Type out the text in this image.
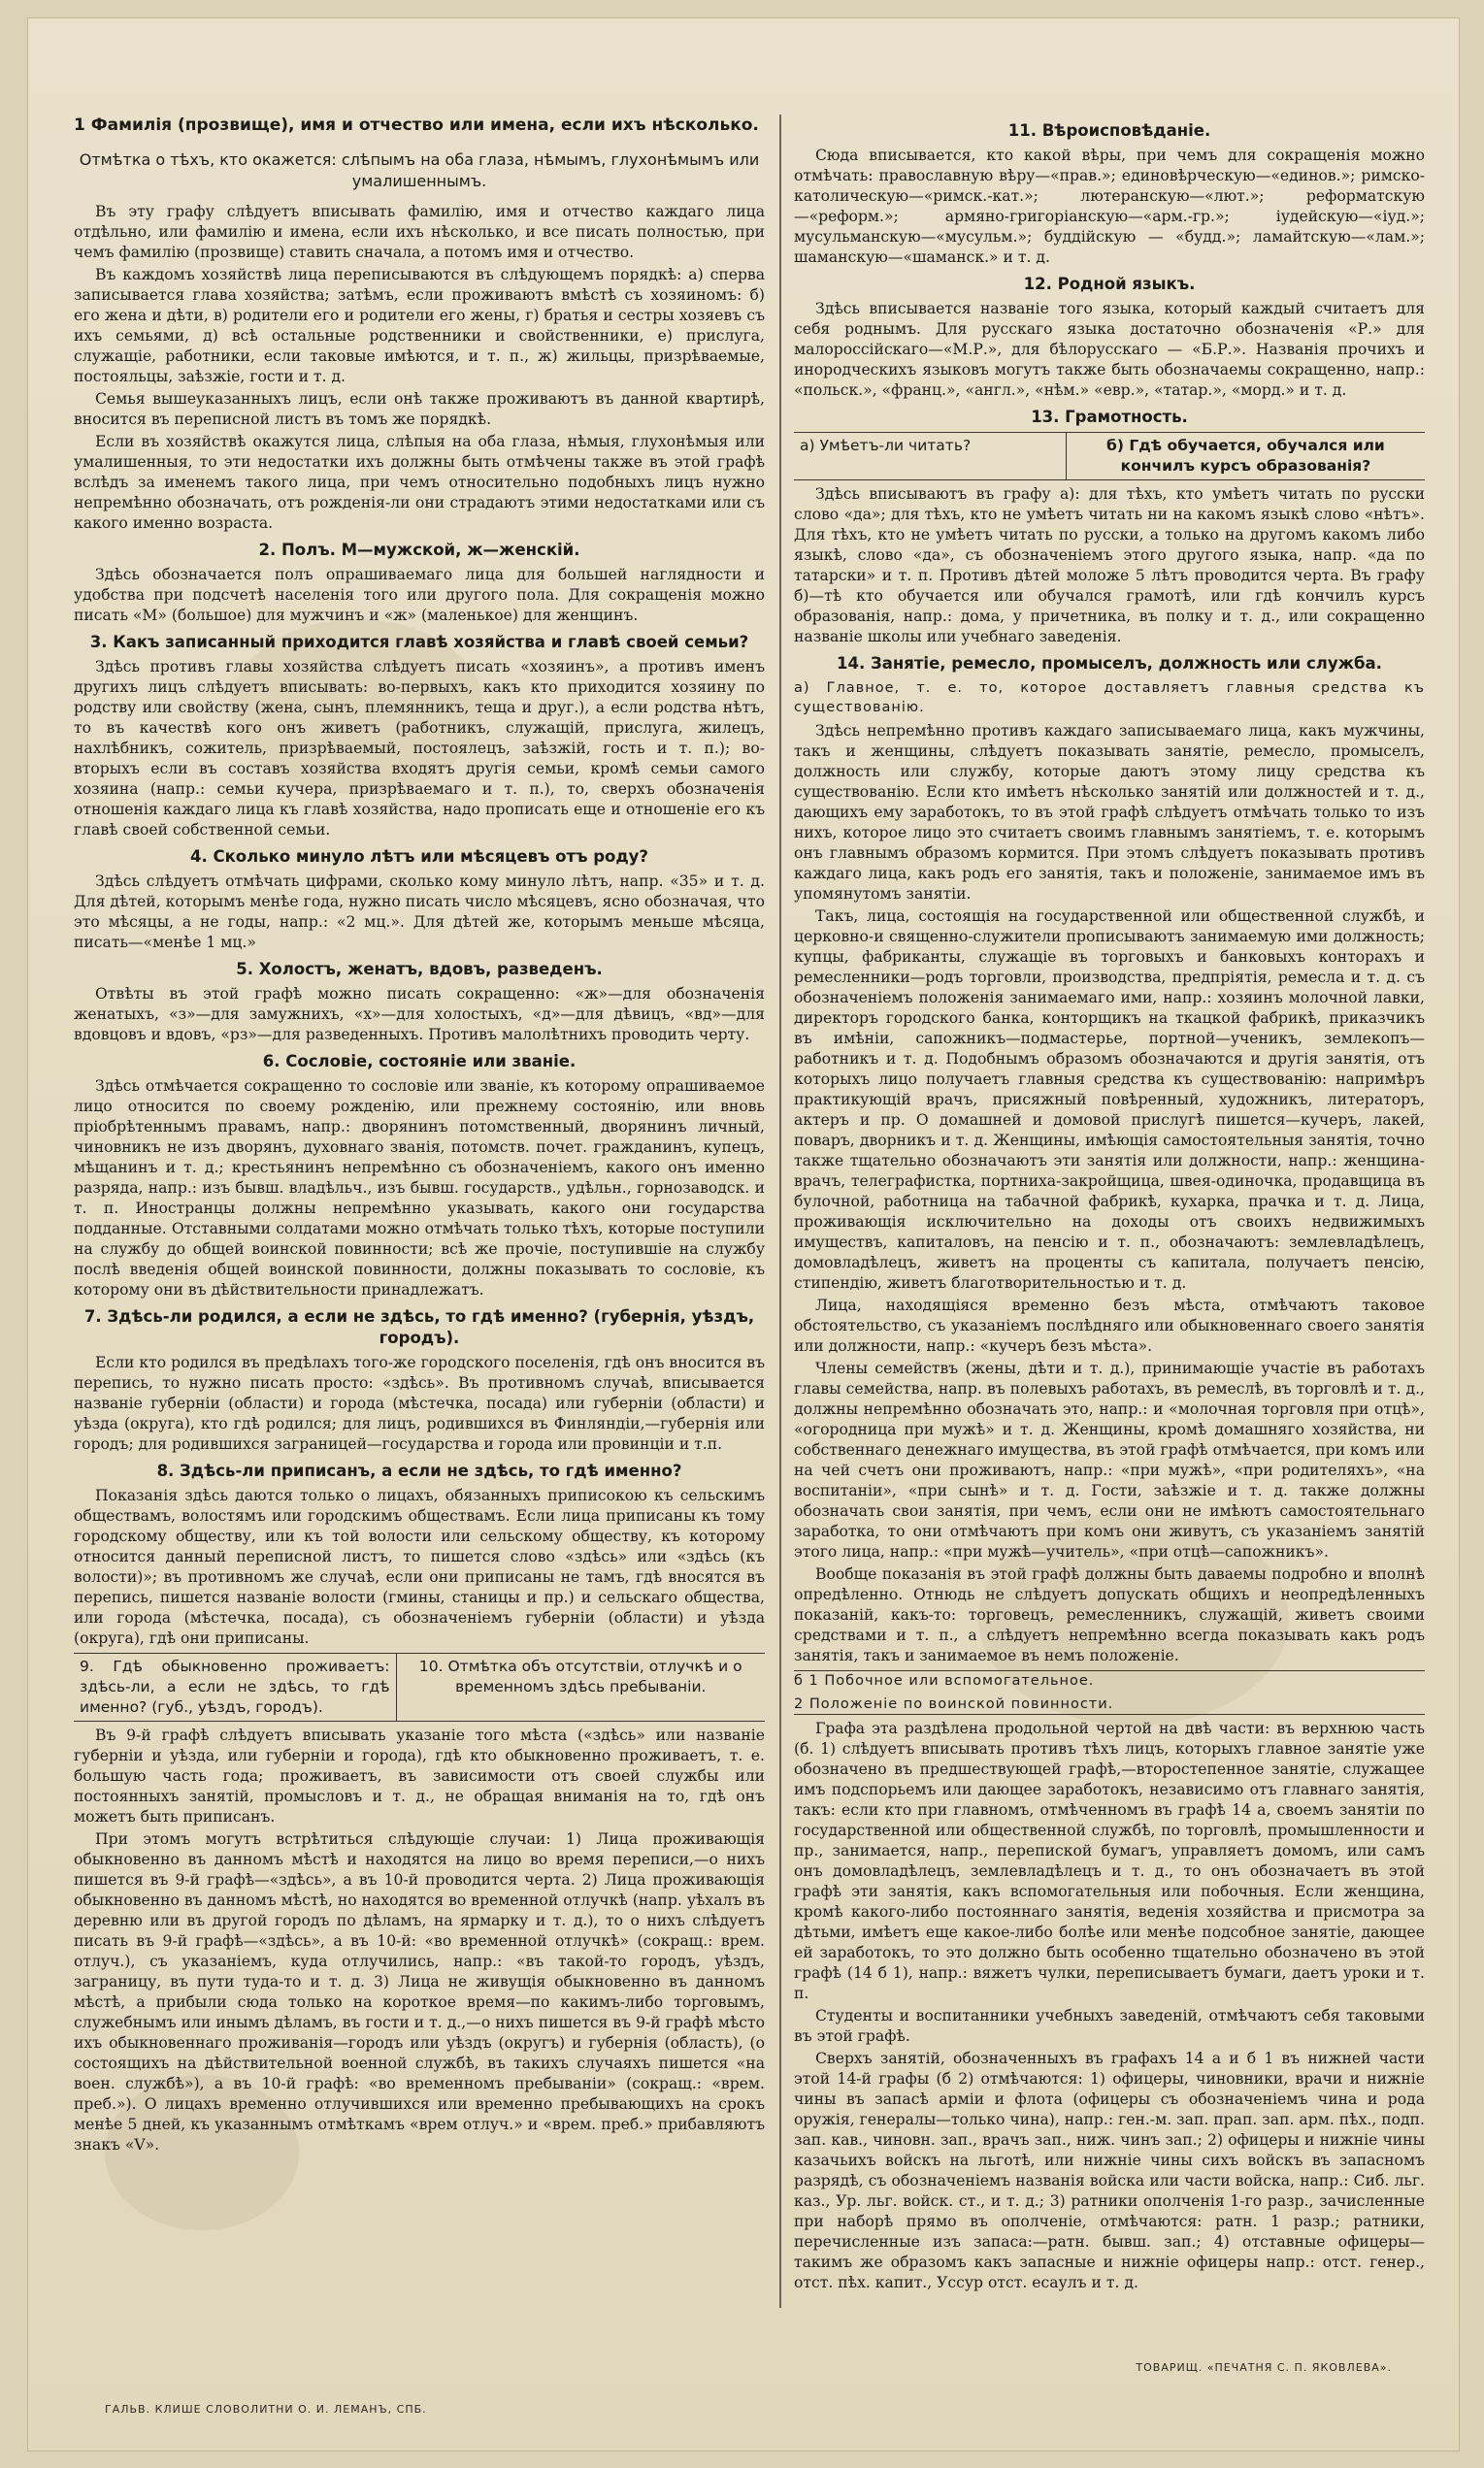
1 Фамилія (прозвище), имя и отчество или имена, если ихъ нѣсколько.
Отмѣтка о тѣхъ, кто окажется: слѣпымъ на оба глаза, нѣмымъ, глухонѣмымъ или умалишеннымъ.

Въ эту графу слѣдуетъ вписывать фамилію, имя и отчество каждаго лица отдѣльно, или фамилію и имена, если ихъ нѣсколько, и все писать полностью, при чемъ фамилію (прозвище) ставить сначала, а потомъ имя и отчество.

Въ каждомъ хозяйствѣ лица переписываются въ слѣдующемъ порядкѣ: а) сперва записывается глава хозяйства; затѣмъ, если проживаютъ вмѣстѣ съ хозяиномъ: б) его жена и дѣти, в) родители его и родители его жены, г) братья и сестры хозяевъ съ ихъ семьями, д) всѣ остальные родственники и свойственники, е) прислуга, служащіе, работники, если таковые имѣются, и т. п., ж) жильцы, призрѣваемые, постояльцы, заѣзжіе, гости и т. д.

Семья вышеуказанныхъ лицъ, если онѣ также проживаютъ въ данной квартирѣ, вносится въ переписной листъ въ томъ же порядкѣ.

Если въ хозяйствѣ окажутся лица, слѣпыя на оба глаза, нѣмыя, глухонѣмыя или умалишенныя, то эти недостатки ихъ должны быть отмѣчены также въ этой графѣ вслѣдъ за именемъ такого лица, при чемъ относительно подобныхъ лицъ нужно непремѣнно обозначать, отъ рожденія-ли они страдаютъ этими недостатками или съ какого именно возраста.

2. Полъ. М—мужской, ж—женскій.

Здѣсь обозначается полъ опрашиваемаго лица для большей наглядности и удобства при подсчетѣ населенія того или другого пола. Для сокращенія можно писать «М» (большое) для мужчинъ и «ж» (маленькое) для женщинъ.

3. Какъ записанный приходится главѣ хозяйства и главѣ своей семьи?

Здѣсь противъ главы хозяйства слѣдуетъ писать «хозяинъ», а противъ именъ другихъ лицъ слѣдуетъ вписывать: во-первыхъ, какъ кто приходится хозяину по родству или свойству (жена, сынъ, племянникъ, теща и друг.), а если родства нѣтъ, то въ качествѣ кого онъ живетъ (работникъ, служащій, прислуга, жилецъ, нахлѣбникъ, сожитель, призрѣваемый, постоялецъ, заѣзжій, гость и т. п.); во-вторыхъ если въ составъ хозяйства входятъ другія семьи, кромѣ семьи самого хозяина (напр.: семьи кучера, призрѣваемаго и т. п.), то, сверхъ обозначенія отношенія каждаго лица къ главѣ хозяйства, надо прописать еще и отношеніе его къ главѣ своей собственной семьи.

4. Сколько минуло лѣтъ или мѣсяцевъ отъ роду?

Здѣсь слѣдуетъ отмѣчать цифрами, сколько кому минуло лѣтъ, напр. «35» и т. д. Для дѣтей, которымъ менѣе года, нужно писать число мѣсяцевъ, ясно обозначая, что это мѣсяцы, а не годы, напр.: «2 мц.». Для дѣтей же, которымъ меньше мѣсяца, писать—«менѣе 1 мц.»

5. Холостъ, женатъ, вдовъ, разведенъ.

Отвѣты въ этой графѣ можно писать сокращенно: «ж»—для обозначенія женатыхъ, «з»—для замужнихъ, «х»—для холостыхъ, «д»—для дѣвицъ, «вд»—для вдовцовъ и вдовъ, «рз»—для разведенныхъ. Противъ малолѣтнихъ проводить черту.

6. Сословіе, состояніе или званіе.

Здѣсь отмѣчается сокращенно то сословіе или званіе, къ которому опрашиваемое лицо относится по своему рожденію, или прежнему состоянію, или вновь пріобрѣтеннымъ правамъ, напр.: дворянинъ потомственный, дворянинъ личный, чиновникъ не изъ дворянъ, духовнаго званія, потомств. почет. гражданинъ, купецъ, мѣщанинъ и т. д.; крестьянинъ непремѣнно съ обозначеніемъ, какого онъ именно разряда, напр.: изъ бывш. владѣльч., изъ бывш. государств., удѣльн., горнозаводск. и т. п. Иностранцы должны непремѣнно указывать, какого они государства подданные. Отставными солдатами можно отмѣчать только тѣхъ, которые поступили на службу до общей воинской повинности; всѣ же прочіе, поступившіе на службу послѣ введенія общей воинской повинности, должны показывать то сословіе, къ которому они въ дѣйствительности принадлежатъ.

7. Здѣсь-ли родился, а если не здѣсь, то гдѣ именно? (губернія, уѣздъ, городъ).

Если кто родился въ предѣлахъ того-же городского поселенія, гдѣ онъ вносится въ перепись, то нужно писать просто: «здѣсь». Въ противномъ случаѣ, вписывается названіе губерніи (области) и города (мѣстечка, посада) или губерніи (области) и уѣзда (округа), кто гдѣ родился; для лицъ, родившихся въ Финляндіи,—губернія или городъ; для родившихся заграницей—государства и города или провинціи и т.п.

8. Здѣсь-ли приписанъ, а если не здѣсь, то гдѣ именно?

Показанія здѣсь даются только о лицахъ, обязанныхъ приписокою къ сельскимъ обществамъ, волостямъ или городскимъ обществамъ. Если лица приписаны къ тому городскому обществу, или къ той волости или сельскому обществу, къ которому относится данный переписной листъ, то пишется слово «здѣсь» или «здѣсь (къ волости)»; въ противномъ же случаѣ, если они приписаны не тамъ, гдѣ вносятся въ перепись, пишется названіе волости (гмины, станицы и пр.) и сельскаго общества, или города (мѣстечка, посада), съ обозначеніемъ губерніи (области) и уѣзда (округа), гдѣ они приписаны.

9. Гдѣ обыкновенно проживаетъ: здѣсь-ли, а если не здѣсь, то гдѣ именно? (губ., уѣздъ, городъ).
10. Отмѣтка объ отсутствіи, отлучкѣ и о временномъ здѣсь пребываніи.

Въ 9-й графѣ слѣдуетъ вписывать указаніе того мѣста («здѣсь» или названіе губерніи и уѣзда, или губерніи и города), гдѣ кто обыкновенно проживаетъ, т. е. большую часть года; проживаетъ, въ зависимости отъ своей службы или постоянныхъ занятій, промысловъ и т. д., не обращая вниманія на то, гдѣ онъ можетъ быть приписанъ.

При этомъ могутъ встрѣтиться слѣдующіе случаи: 1) Лица проживающія обыкновенно въ данномъ мѣстѣ и находятся на лицо во время переписи,—о нихъ пишется въ 9-й графѣ—«здѣсь», а въ 10-й проводится черта. 2) Лица проживающія обыкновенно въ данномъ мѣстѣ, но находятся во временной отлучкѣ (напр. уѣхалъ въ деревню или въ другой городъ по дѣламъ, на ярмарку и т. д.), то о нихъ слѣдуетъ писать въ 9-й графѣ—«здѣсь», а въ 10-й: «во временной отлучкѣ» (сокращ.: врем. отлуч.), съ указаніемъ, куда отлучились, напр.: «въ такой-то городъ, уѣздъ, заграницу, въ пути туда-то и т. д. 3) Лица не живущія обыкновенно въ данномъ мѣстѣ, а прибыли сюда только на короткое время—по какимъ-либо торговымъ, служебнымъ или инымъ дѣламъ, въ гости и т. д.,—о нихъ пишется въ 9-й графѣ мѣсто ихъ обыкновеннаго проживанія—городъ или уѣздъ (округъ) и губернія (область), (о состоящихъ на дѣйствительной военной службѣ, въ такихъ случаяхъ пишется «на воен. службѣ»), а въ 10-й графѣ: «во временномъ пребываніи» (сокращ.: «врем. преб.»). О лицахъ временно отлучившихся или временно пребывающихъ на срокъ менѣе 5 дней, къ указаннымъ отмѣткамъ «врем отлуч.» и «врем. преб.» прибавляютъ знакъ «V».

11. Вѣроисповѣданіе.

Сюда вписывается, кто какой вѣры, при чемъ для сокращенія можно отмѣчать: православную вѣру—«прав.»; единовѣрческую—«единов.»; римско-католическую—«римск.-кат.»; лютеранскую—«лют.»; реформатскую—«реформ.»; армяно-григоріанскую—«арм.-гр.»; іудейскую—«іуд.»; мусульманскую—«мусульм.»; буддійскую — «будд.»; ламайтскую—«лам.»; шаманскую—«шаманск.» и т. д.

12. Родной языкъ.

Здѣсь вписывается названіе того языка, который каждый считаетъ для себя роднымъ. Для русскаго языка достаточно обозначенія «Р.» для малороссійскаго—«М.Р.», для бѣлорусскаго — «Б.Р.». Названія прочихъ и инородческихъ языковъ могутъ также быть обозначаемы сокращенно, напр.: «польск.», «франц.», «англ.», «нѣм.» «евр.», «татар.», «морд.» и т. д.

13. Грамотность.
а) Умѣетъ-ли читать?	б) Гдѣ обучается, обучался или кончилъ курсъ образованія?

Здѣсь вписываютъ въ графу а): для тѣхъ, кто умѣетъ читать по русски слово «да»; для тѣхъ, кто не умѣетъ читать ни на какомъ языкѣ слово «нѣтъ». Для тѣхъ, кто не умѣетъ читать по русски, а только на другомъ какомъ либо языкѣ, слово «да», съ обозначеніемъ этого другого языка, напр. «да по татарски» и т. п. Противъ дѣтей моложе 5 лѣтъ проводится черта. Въ графу б)—тѣ кто обучается или обучался грамотѣ, или гдѣ кончилъ курсъ образованія, напр.: дома, у причетника, въ полку и т. д., или сокращенно названіе школы или учебнаго заведенія.

14. Занятіе, ремесло, промыселъ, должность или служба.
а) Главное, т. е. то, которое доставляетъ главныя средства къ существованію.

Здѣсь непремѣнно противъ каждаго записываемаго лица, какъ мужчины, такъ и женщины, слѣдуетъ показывать занятіе, ремесло, промыселъ, должность или службу, которые даютъ этому лицу средства къ существованію. Если кто имѣетъ нѣсколько занятій или должностей и т. д., дающихъ ему заработокъ, то въ этой графѣ слѣдуетъ отмѣчать только то изъ нихъ, которое лицо это считаетъ своимъ главнымъ занятіемъ, т. е. которымъ онъ главнымъ образомъ кормится. При этомъ слѣдуетъ показывать противъ каждаго лица, какъ родъ его занятія, такъ и положеніе, занимаемое имъ въ упомянутомъ занятіи.

Такъ, лица, состоящія на государственной или общественной службѣ, и церковно-и священно-служители прописываютъ занимаемую ими должность; купцы, фабриканты, служащіе въ торговыхъ и банковыхъ конторахъ и ремесленники—родъ торговли, производства, предпріятія, ремесла и т. д. съ обозначеніемъ положенія занимаемаго ими, напр.: хозяинъ молочной лавки, директоръ городского банка, конторщикъ на ткацкой фабрикѣ, приказчикъ въ имѣніи, сапожникъ—подмастерье, портной—ученикъ, землекопъ—работникъ и т. д. Подобнымъ образомъ обозначаются и другія занятія, отъ которыхъ лицо получаетъ главныя средства къ существованію: напримѣръ практикующій врачъ, присяжный повѣренный, художникъ, литераторъ, актеръ и пр. О домашней и домовой прислугѣ пишется—кучеръ, лакей, поваръ, дворникъ и т. д. Женщины, имѣющія самостоятельныя занятія, точно также тщательно обозначаютъ эти занятія или должности, напр.: женщина-врачъ, телеграфистка, портниха-закройщица, швея-одиночка, продавщица въ булочной, работница на табачной фабрикѣ, кухарка, прачка и т. д. Лица, проживающія исключительно на доходы отъ своихъ недвижимыхъ имуществъ, капиталовъ, на пенсію и т. п., обозначаютъ: землевладѣлецъ, домовладѣлецъ, живетъ на проценты съ капитала, получаетъ пенсію, стипендію, живетъ благотворительностью и т. д.

Лица, находящіяся временно безъ мѣста, отмѣчаютъ таковое обстоятельство, съ указаніемъ послѣдняго или обыкновеннаго своего занятія или должности, напр.: «кучеръ безъ мѣста».

Члены семействъ (жены, дѣти и т. д.), принимающіе участіе въ работахъ главы семейства, напр. въ полевыхъ работахъ, въ ремеслѣ, въ торговлѣ и т. д., должны непремѣнно обозначать это, напр.: и «молочная торговля при отцѣ», «огородница при мужѣ» и т. д. Женщины, кромѣ домашняго хозяйства, ни собственнаго денежнаго имущества, въ этой графѣ отмѣчается, при комъ или на чей счетъ они проживаютъ, напр.: «при мужѣ», «при родителяхъ», «на воспитаніи», «при сынѣ» и т. д. Гости, заѣзжіе и т. д. также должны обозначать свои занятія, при чемъ, если они не имѣютъ самостоятельнаго заработка, то они отмѣчаютъ при комъ они живутъ, съ указаніемъ занятій этого лица, напр.: «при мужѣ—учитель», «при отцѣ—сапожникъ».

Вообще показанія въ этой графѣ должны быть даваемы подробно и вполнѣ опредѣленно. Отнюдь не слѣдуетъ допускать общихъ и неопредѣленныхъ показаній, какъ-то: торговецъ, ремесленникъ, служащій, живетъ своими средствами и т. п., а слѣдуетъ непремѣнно всегда показывать какъ родъ занятія, такъ и занимаемое въ немъ положеніе.

б 1 Побочное или вспомогательное.
2 Положеніе по воинской повинности.

Графа эта раздѣлена продольной чертой на двѣ части: въ верхнюю часть (б. 1) слѣдуетъ вписывать противъ тѣхъ лицъ, которыхъ главное занятіе уже обозначено въ предшествующей графѣ,—второстепенное занятіе, служащее имъ подспорьемъ или дающее заработокъ, независимо отъ главнаго занятія, такъ: если кто при главномъ, отмѣченномъ въ графѣ 14 а, своемъ занятіи по государственной или общественной службѣ, по торговлѣ, промышленности и пр., занимается, напр., перепиской бумагъ, управляетъ домомъ, или самъ онъ домовладѣлецъ, землевладѣлецъ и т. д., то онъ обозначаетъ въ этой графѣ эти занятія, какъ вспомогательныя или побочныя. Если женщина, кромѣ какого-либо постояннаго занятія, веденія хозяйства и присмотра за дѣтьми, имѣетъ еще какое-либо болѣе или менѣе подсобное занятіе, дающее ей заработокъ, то это должно быть особенно тщательно обозначено въ этой графѣ (14 б 1), напр.: вяжетъ чулки, переписываетъ бумаги, даетъ уроки и т. п.

Студенты и воспитанники учебныхъ заведеній, отмѣчаютъ себя таковыми въ этой графѣ.

Сверхъ занятій, обозначенныхъ въ графахъ 14 а и б 1 въ нижней части этой 14-й графы (б 2) отмѣчаются: 1) офицеры, чиновники, врачи и нижніе чины въ запасѣ арміи и флота (офицеры съ обозначеніемъ чина и рода оружія, генералы—только чина), напр.: ген.-м. зап. прап. зап. арм. пѣх., подп. зап. кав., чиновн. зап., врачъ зап., ниж. чинъ зап.; 2) офицеры и нижніе чины казачьихъ войскъ на льготѣ, или нижніе чины сихъ войскъ въ запасномъ разрядѣ, съ обозначеніемъ названія войска или части войска, напр.: Сиб. льг. каз., Ур. льг. войск. ст., и т. д.; 3) ратники ополченія 1-го разр., зачисленные при наборѣ прямо въ ополченіе, отмѣчаются: ратн. 1 разр.; ратники, перечисленные изъ запаса:—ратн. бывш. зап.; 4) отставные офицеры—такимъ же образомъ какъ запасные и нижніе офицеры напр.: отст. генер., отст. пѣх. капит., Уссур отст. есаулъ и т. д.

ТОВАРИЩ. «ПЕЧАТНЯ С. П. ЯКОВЛЕВА».
ГАЛЬВ. КЛИШЕ СЛОВОЛИТНИ О. И. ЛЕМАНЪ, СПБ.
